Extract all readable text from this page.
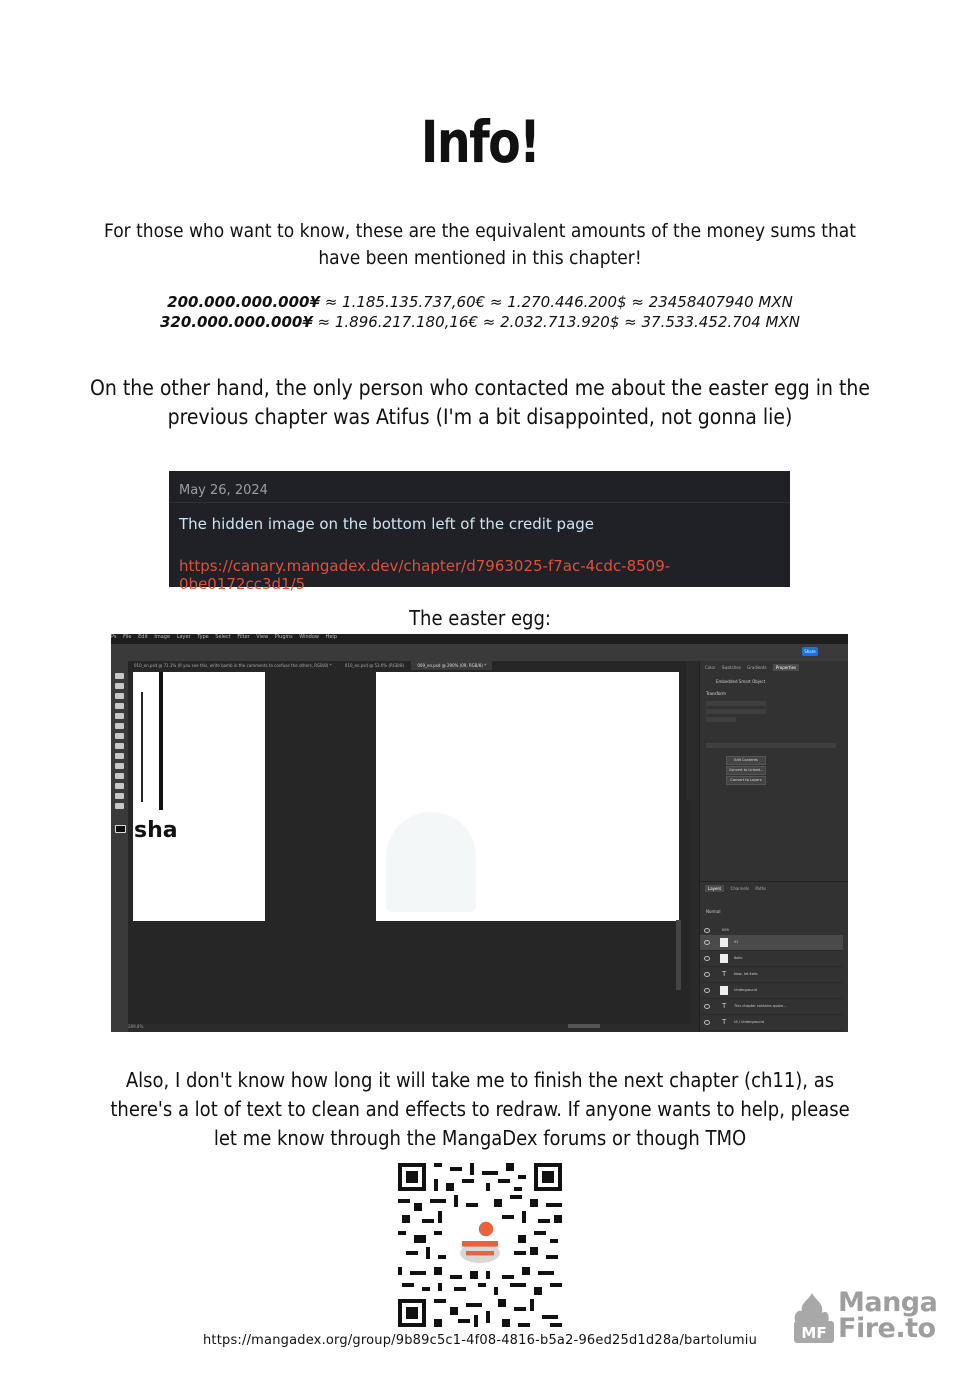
Info!
For those who want to know, these are the equivalent amounts of the money sums that
have been mentioned in this chapter!
200.000.000.000¥ ≈ 1.185.135.737,60€ ≈ 1.270.446.200$ ≈ 23458407940 MXN
320.000.000.000¥ ≈ 1.896.217.180,16€ ≈ 2.032.713.920$ ≈ 37.533.452.704 MXN
On the other hand, the only person who contacted me about the easter egg in the
previous chapter was Atifus (I'm a bit disappointed, not gonna lie)
May 26, 2024
The hidden image on the bottom left of the credit page
https://canary.mangadex.dev/chapter/d7963025-f7ac-4cdc-8509-0be0172cc3d1/5
The easter egg:
Ps File Edit Image Layer Type Select Filter View Plugins Window Help
Share
010_en.psd @ 71.1% (If you see this, write bomb in the comments to confuse the others, RGB/8) *	010_en.psd @ 53.6% (RGB/8)	009_en.psd @ 290% (09, RGB/8) *
sha
289.8%
Color Swatches Gradients Properties
Embedded Smart Object
Transform
Edit Contents
Convert to Linked...
Convert to Layers
Layers Channels Paths
Normal
009
01
Italic
T Now, let italic
Underground
T This chapter contains quote...
T UI / Underground
Also, I don't know how long it will take me to finish the next chapter (ch11), as
there's a lot of text to clean and effects to redraw. If anyone wants to help, please
let me know through the MangaDex forums or though TMO
https://mangadex.org/group/9b89c5c1-4f08-4816-b5a2-96ed25d1d28a/bartolumiu	MF
Manga
Fire.to
